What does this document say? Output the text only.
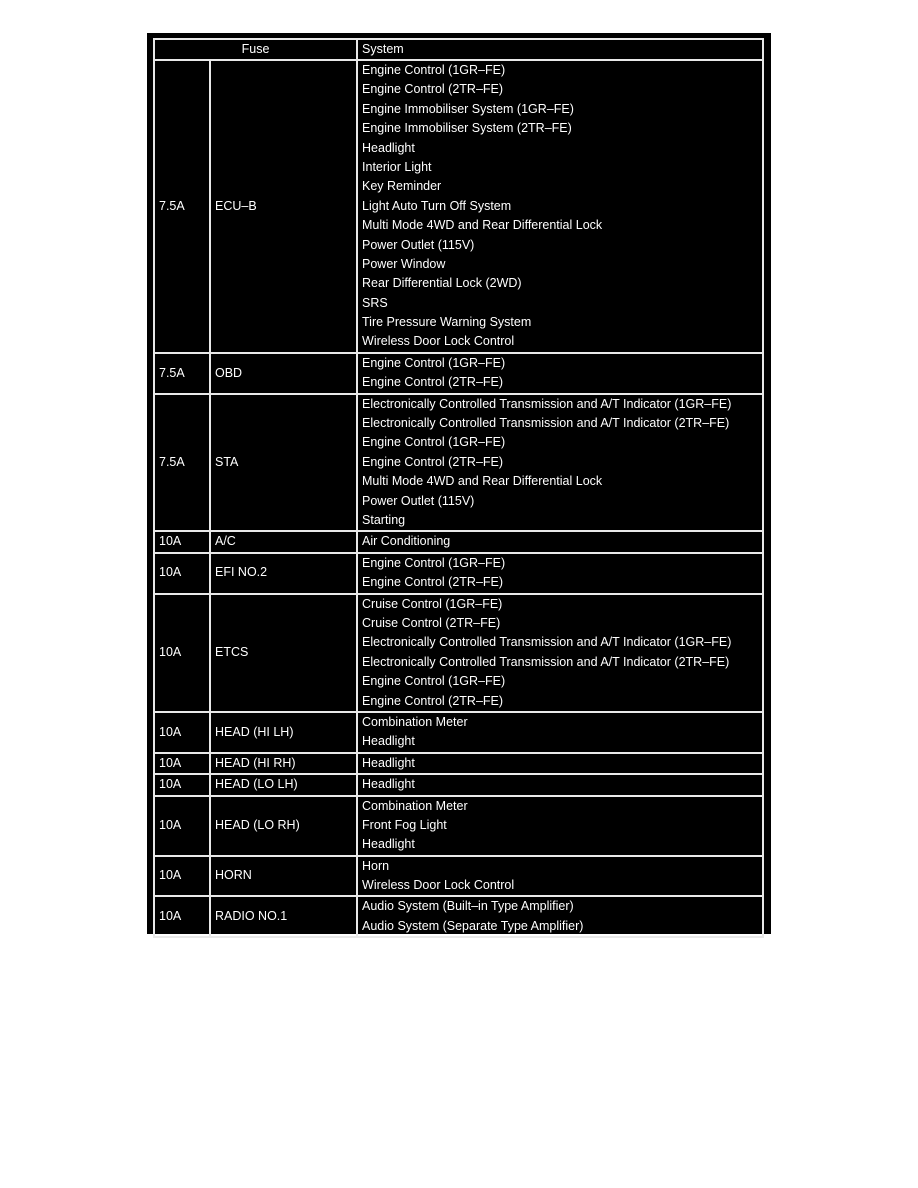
Fuse		System
7.5A	ECU–B	
Engine Control (1GR–FE)
Engine Control (2TR–FE)
Engine Immobiliser System (1GR–FE)
Engine Immobiliser System (2TR–FE)
Headlight
Interior Light
Key Reminder
Light Auto Turn Off System
Multi Mode 4WD and Rear Differential Lock
Power Outlet (115V)
Power Window
Rear Differential Lock (2WD)
SRS
Tire Pressure Warning System
Wireless Door Lock Control

7.5A	OBD	Engine Control (1GR–FE)
Engine Control (2TR–FE)

7.5A	STA	
Electronically Controlled Transmission and A/T Indicator (1GR–FE)
Electronically Controlled Transmission and A/T Indicator (2TR–FE)
Engine Control (1GR–FE)
Engine Control (2TR–FE)
Multi Mode 4WD and Rear Differential Lock
Power Outlet (115V)
Starting

10A	A/C	Air Conditioning

10A	EFI NO.2	Engine Control (1GR–FE)
Engine Control (2TR–FE)

10A	ETCS	
Cruise Control (1GR–FE)
Cruise Control (2TR–FE)
Electronically Controlled Transmission and A/T Indicator (1GR–FE)
Electronically Controlled Transmission and A/T Indicator (2TR–FE)
Engine Control (1GR–FE)
Engine Control (2TR–FE)

10A	HEAD (HI LH)	Combination Meter
Headlight

10A	HEAD (HI RH)	Headlight

10A	HEAD (LO LH)	Headlight

10A	HEAD (LO RH)	Combination Meter
Front Fog Light
Headlight

10A	HORN	Horn
Wireless Door Lock Control

10A	RADIO NO.1	Audio System (Built–in Type Amplifier)
Audio System (Separate Type Amplifier)
